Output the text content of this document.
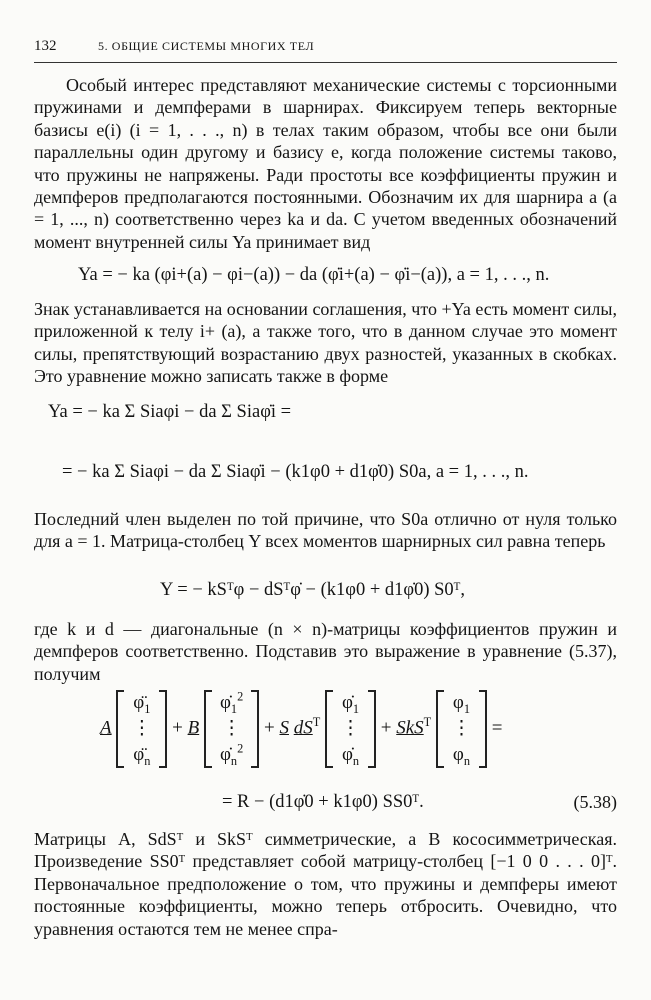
132	5. ОБЩИЕ СИСТЕМЫ МНОГИХ ТЕЛ

Особый интерес представляют механические системы с торсионными пружинами и демпферами в шарнирах. Фиксируем теперь векторные базисы e(i) (i = 1, . . ., n) в телах таким образом, чтобы все они были параллельны один другому и базису e, когда положение системы таково, что пружины не напряжены. Ради простоты все коэффициенты пружин и демпферов предполагаются постоянными. Обозначим их для шарнира a (a = 1, ..., n) соответственно через ka и da. С учетом введенных обозначений момент внутренней силы Ya принимает вид

Ya = − ka (φi+(a) − φi−(a)) − da (φ̇i+(a) − φ̇i−(a)), a = 1, . . ., n.

Знак устанавливается на основании соглашения, что +Ya есть момент силы, приложенной к телу i+ (a), а также того, что в данном случае это момент силы, препятствующий возрастанию двух разностей, указанных в скобках. Это уравнение можно записать также в форме

Ya = − ka Σ Siaφi − da Σ Siaφ̇i =
= − ka Σ Siaφi − da Σ Siaφ̇i − (k1φ0 + d1φ̇0) S0a, a = 1, . . ., n.

Последний член выделен по той причине, что S0a отлично от нуля только для a = 1. Матрица-столбец Y всех моментов шарнирных сил равна теперь

Y = − kSᵀφ − dSᵀφ̇ − (k1φ0 + d1φ̇0) S0ᵀ,

где k и d — диагональные (n × n)-матрицы коэффициентов пружин и демпферов соответственно. Подставив это выражение в уравнение (5.37), получим

A
$\varphï_1$
⋮
$\varphï_n$
+ B
$\varphi̇_1^2$
⋮
$\varphi̇_n^2$
+ S $dS^T$
$\varphi̇_1$
⋮
$\varphi̇_n$
+ SkS$^T$
$\varphi_1$
⋮
$\varphi_n$
=
= R − (d1φ̇0 + k1φ0) SS0ᵀ.	(5.38)

Матрицы A, SdSᵀ и SkSᵀ симметрические, а B кососимметрическая. Произведение SS0ᵀ представляет собой матрицу-столбец [−1 0 0 . . . 0]ᵀ. Первоначальное предположение о том, что пружины и демпферы имеют постоянные коэффициенты, можно теперь отбросить. Очевидно, что уравнения остаются тем не менее спра-
